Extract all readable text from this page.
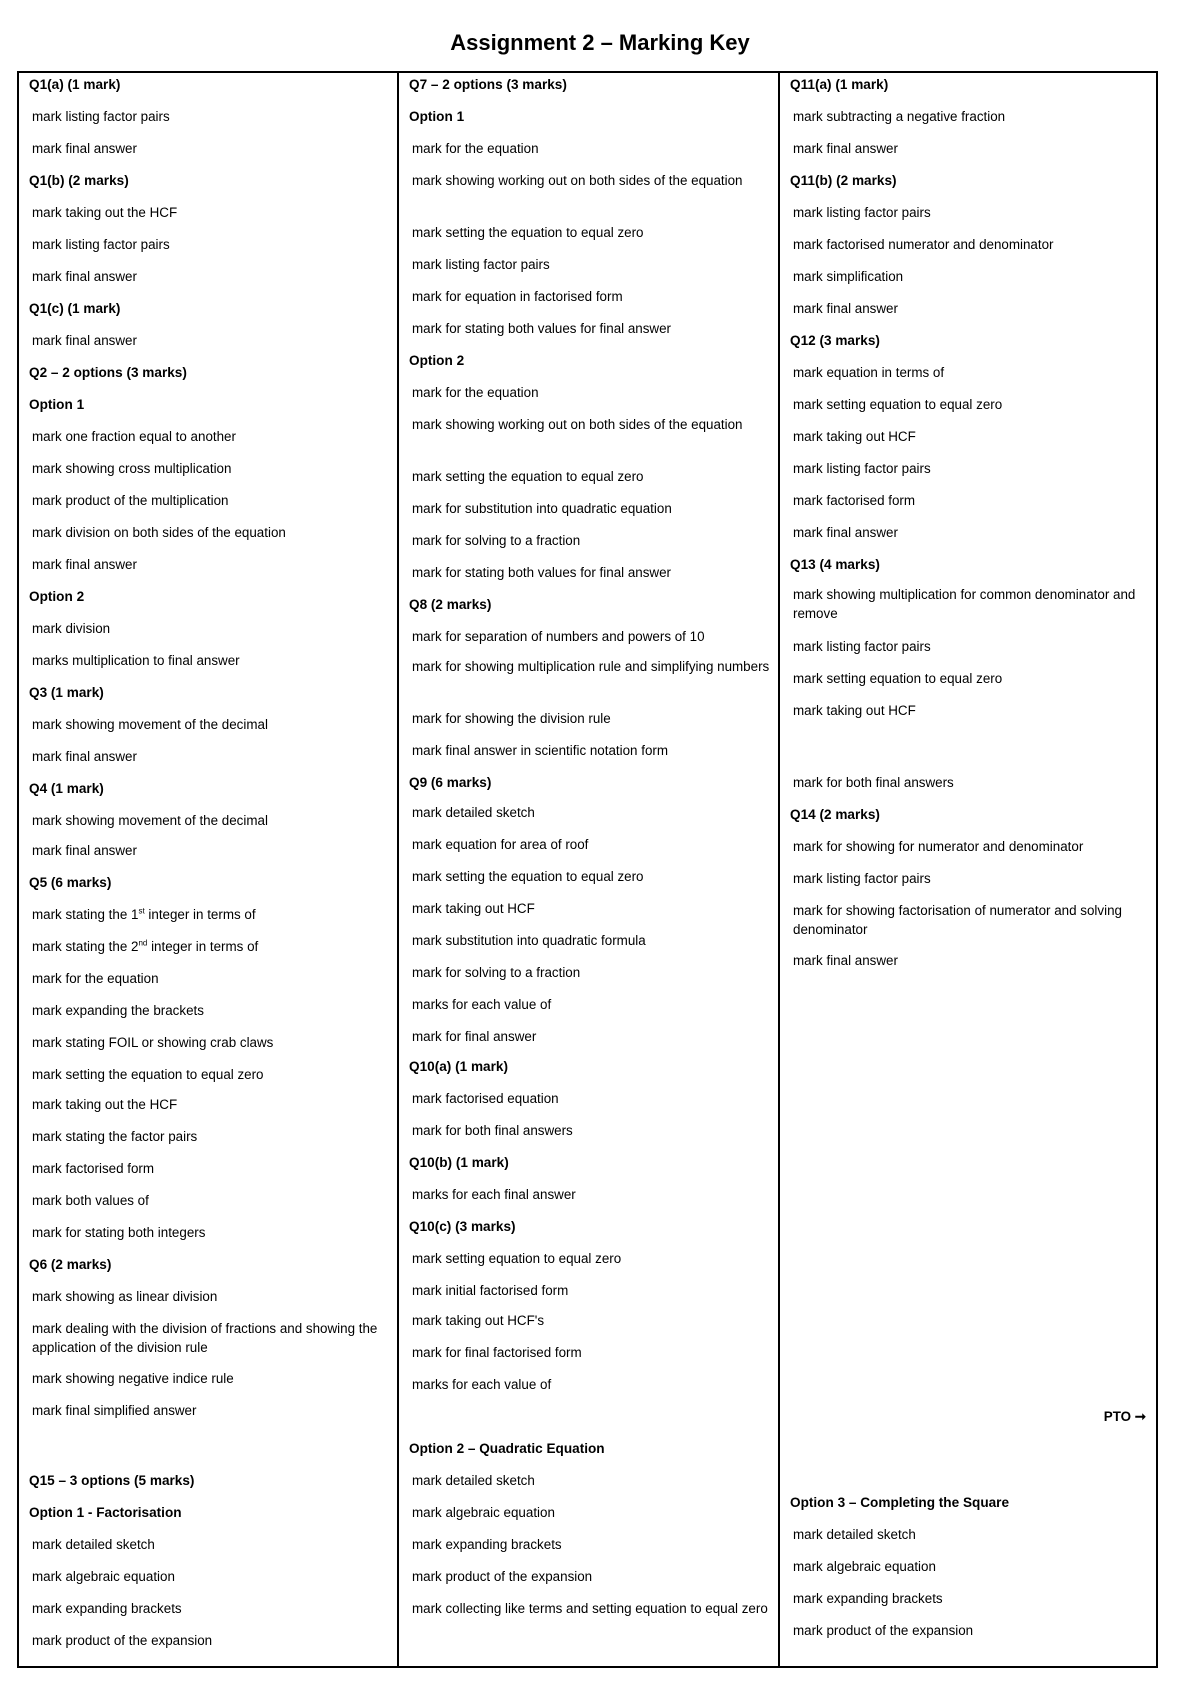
Assignment 2 – Marking Key
Q1(a) (1 mark)
mark listing factor pairs
mark final answer
Q1(b) (2 marks)
mark taking out the HCF
mark listing factor pairs
mark final answer
Q1(c) (1 mark)
mark final answer
Q2 – 2 options (3 marks)
Option 1
mark one fraction equal to another
mark showing cross multiplication
mark product of the multiplication
mark division on both sides of the equation
mark final answer
Option 2
mark division
marks multiplication to final answer
Q3 (1 mark)
mark showing movement of the decimal
mark final answer
Q4 (1 mark)
mark showing movement of the decimal
mark final answer
Q5 (6 marks)
mark stating the 1st integer in terms of
mark stating the 2nd integer in terms of
mark for the equation
mark expanding the brackets
mark stating FOIL or showing crab claws
mark setting the equation to equal zero
mark taking out the HCF
mark stating the factor pairs
mark factorised form
mark both values of
mark for stating both integers
Q6 (2 marks)
mark showing as linear division
mark dealing with the division of fractions and showing the application of the division rule
mark showing negative indice rule
mark final simplified answer
Q15 – 3 options (5 marks)
Option 1 - Factorisation
mark detailed sketch
mark algebraic equation
mark expanding brackets
mark product of the expansion
Q7 – 2 options (3 marks)
Option 1
mark for the equation
mark showing working out on both sides of the equation
mark setting the equation to equal zero
mark listing factor pairs
mark for equation in factorised form
mark for stating both values for final answer
Option 2
mark for the equation
mark showing working out on both sides of the equation
mark setting the equation to equal zero
mark for substitution into quadratic equation
mark for solving to a fraction
mark for stating both values for final answer
Q8 (2 marks)
mark for separation of numbers and powers of 10
mark for showing multiplication rule and simplifying numbers
mark for showing the division rule
mark final answer in scientific notation form
Q9 (6 marks)
mark detailed sketch
mark equation for area of roof
mark setting the equation to equal zero
mark taking out HCF
mark substitution into quadratic formula
mark for solving to a fraction
marks for each value of
mark for final answer
Q10(a) (1 mark)
mark factorised equation
mark for both final answers
Q10(b) (1 mark)
marks for each final answer
Q10(c) (3 marks)
mark setting equation to equal zero
mark initial factorised form
mark taking out HCF's
mark for final factorised form
marks for each value of
Option 2 – Quadratic Equation
mark detailed sketch
mark algebraic equation
mark expanding brackets
mark product of the expansion
mark collecting like terms and setting equation to equal zero
Q11(a) (1 mark)
mark subtracting a negative fraction
mark final answer
Q11(b) (2 marks)
mark listing factor pairs
mark factorised numerator and denominator
mark simplification
mark final answer
Q12 (3 marks)
mark equation in terms of
mark setting equation to equal zero
mark taking out HCF
mark listing factor pairs
mark factorised form
mark final answer
Q13 (4 marks)
mark showing multiplication for common denominator and remove
mark listing factor pairs
mark setting equation to equal zero
mark taking out HCF
mark for both final answers
Q14 (2 marks)
mark for showing for numerator and denominator
mark listing factor pairs
mark for showing factorisation of numerator and solving denominator
mark final answer
PTO ➞
Option 3 – Completing the Square
mark detailed sketch
mark algebraic equation
mark expanding brackets
mark product of the expansion
